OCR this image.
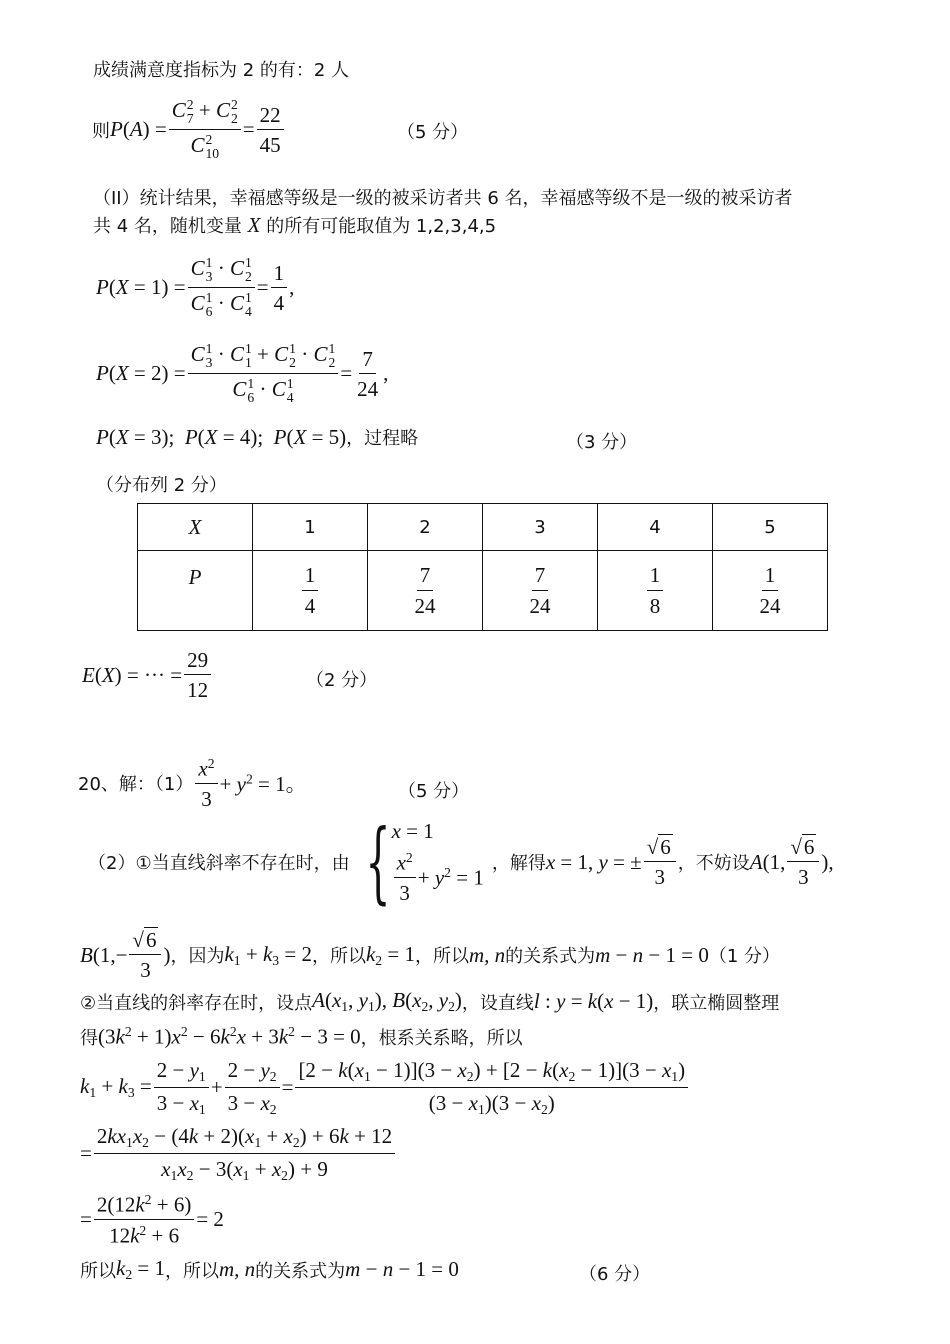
成绩满意度指标为 2 的有：2 人
则 P(A) = C 2
7 + C 2
2
C 2
$10 = \frac{22}{45}$	（5 分）
（II）统计结果，幸福感等级是一级的被采访者共 6 名，幸福感等级不是一级的被采访者
共 4 名，随机变量 X 的所有可能取值为 1,2,3,4,5
P(X = 1) = C 1
3 · C 1
2
C 1
6 · C 1
$4 = \frac{1}{4}$ ,
P(X = 2) = C 1
3 · C 1
1 + C 1
2 · C 1
2
C 1
6 · C 1
$4 = \frac{7}{24}$ ,
P(X = 3);  P(X = 4);  P(X = 5) ，过程略	（3 分）
（分布列 2 分）
X	1	2	3	4	5
P	$\frac{1}{4}$	$\frac{7}{24}$	$\frac{7}{24}$	$\frac{1}{8}$	$\frac{1}{24}$
E(X) = ··· = $\frac{29}{12}$	（2 分）
20、解：$(1) \frac{x^2}{3} + y^2 = 1$。	（5 分）
（2）①当直线斜率不存在时，由 { x = 1
$\frac{x^2}{3} + y^2 = 1$
，解得 x = 1, y = ± $\frac{√6}{3}$ ，不妨设 A (1, $\frac{√6}{3}$ ),
B ($1,- \frac{√6}{3}$ ) ，因为 $k_1 + k_3 = 2$ ，所以 $k_2 = 1$ ，所以 m, n 的关系式为 m − n − 1 = 0 （1 分）
②当直线的斜率存在时，设点 $A(x_1$, $y_1$), $B(x_2$, $y_2$) ，设直线 l : y = k(x − 1) ，联立椭圆整理
得 $(3k^2 + 1)x^2 - 6k^2x + 3k^2 - 3 = 0$ ，根系关系略，所以
$k_1 + k_3 = \frac{2 - y_1}{3 - x_1} + \frac{2 - y_2}{3 - x_2} = \frac{[2 - k(x_1 - 1)](3 - x_2) + [2 - k(x_2 - 1)](3 - x_1)}{(3 - x_1)(3 - x_2)}$
= $\frac{2kx_1x_2 - (4k + 2)(x_1 + x_2) + 6k + 12}{x_1x_2 - 3(x_1 + x_2) + 9}$
= $\frac{2(12k^2 + 6)}{12k^2 + 6} = 2$
所以 $k_2 = 1$ ，所以 m, n 的关系式为 m − n − 1 = 0	（6 分）
